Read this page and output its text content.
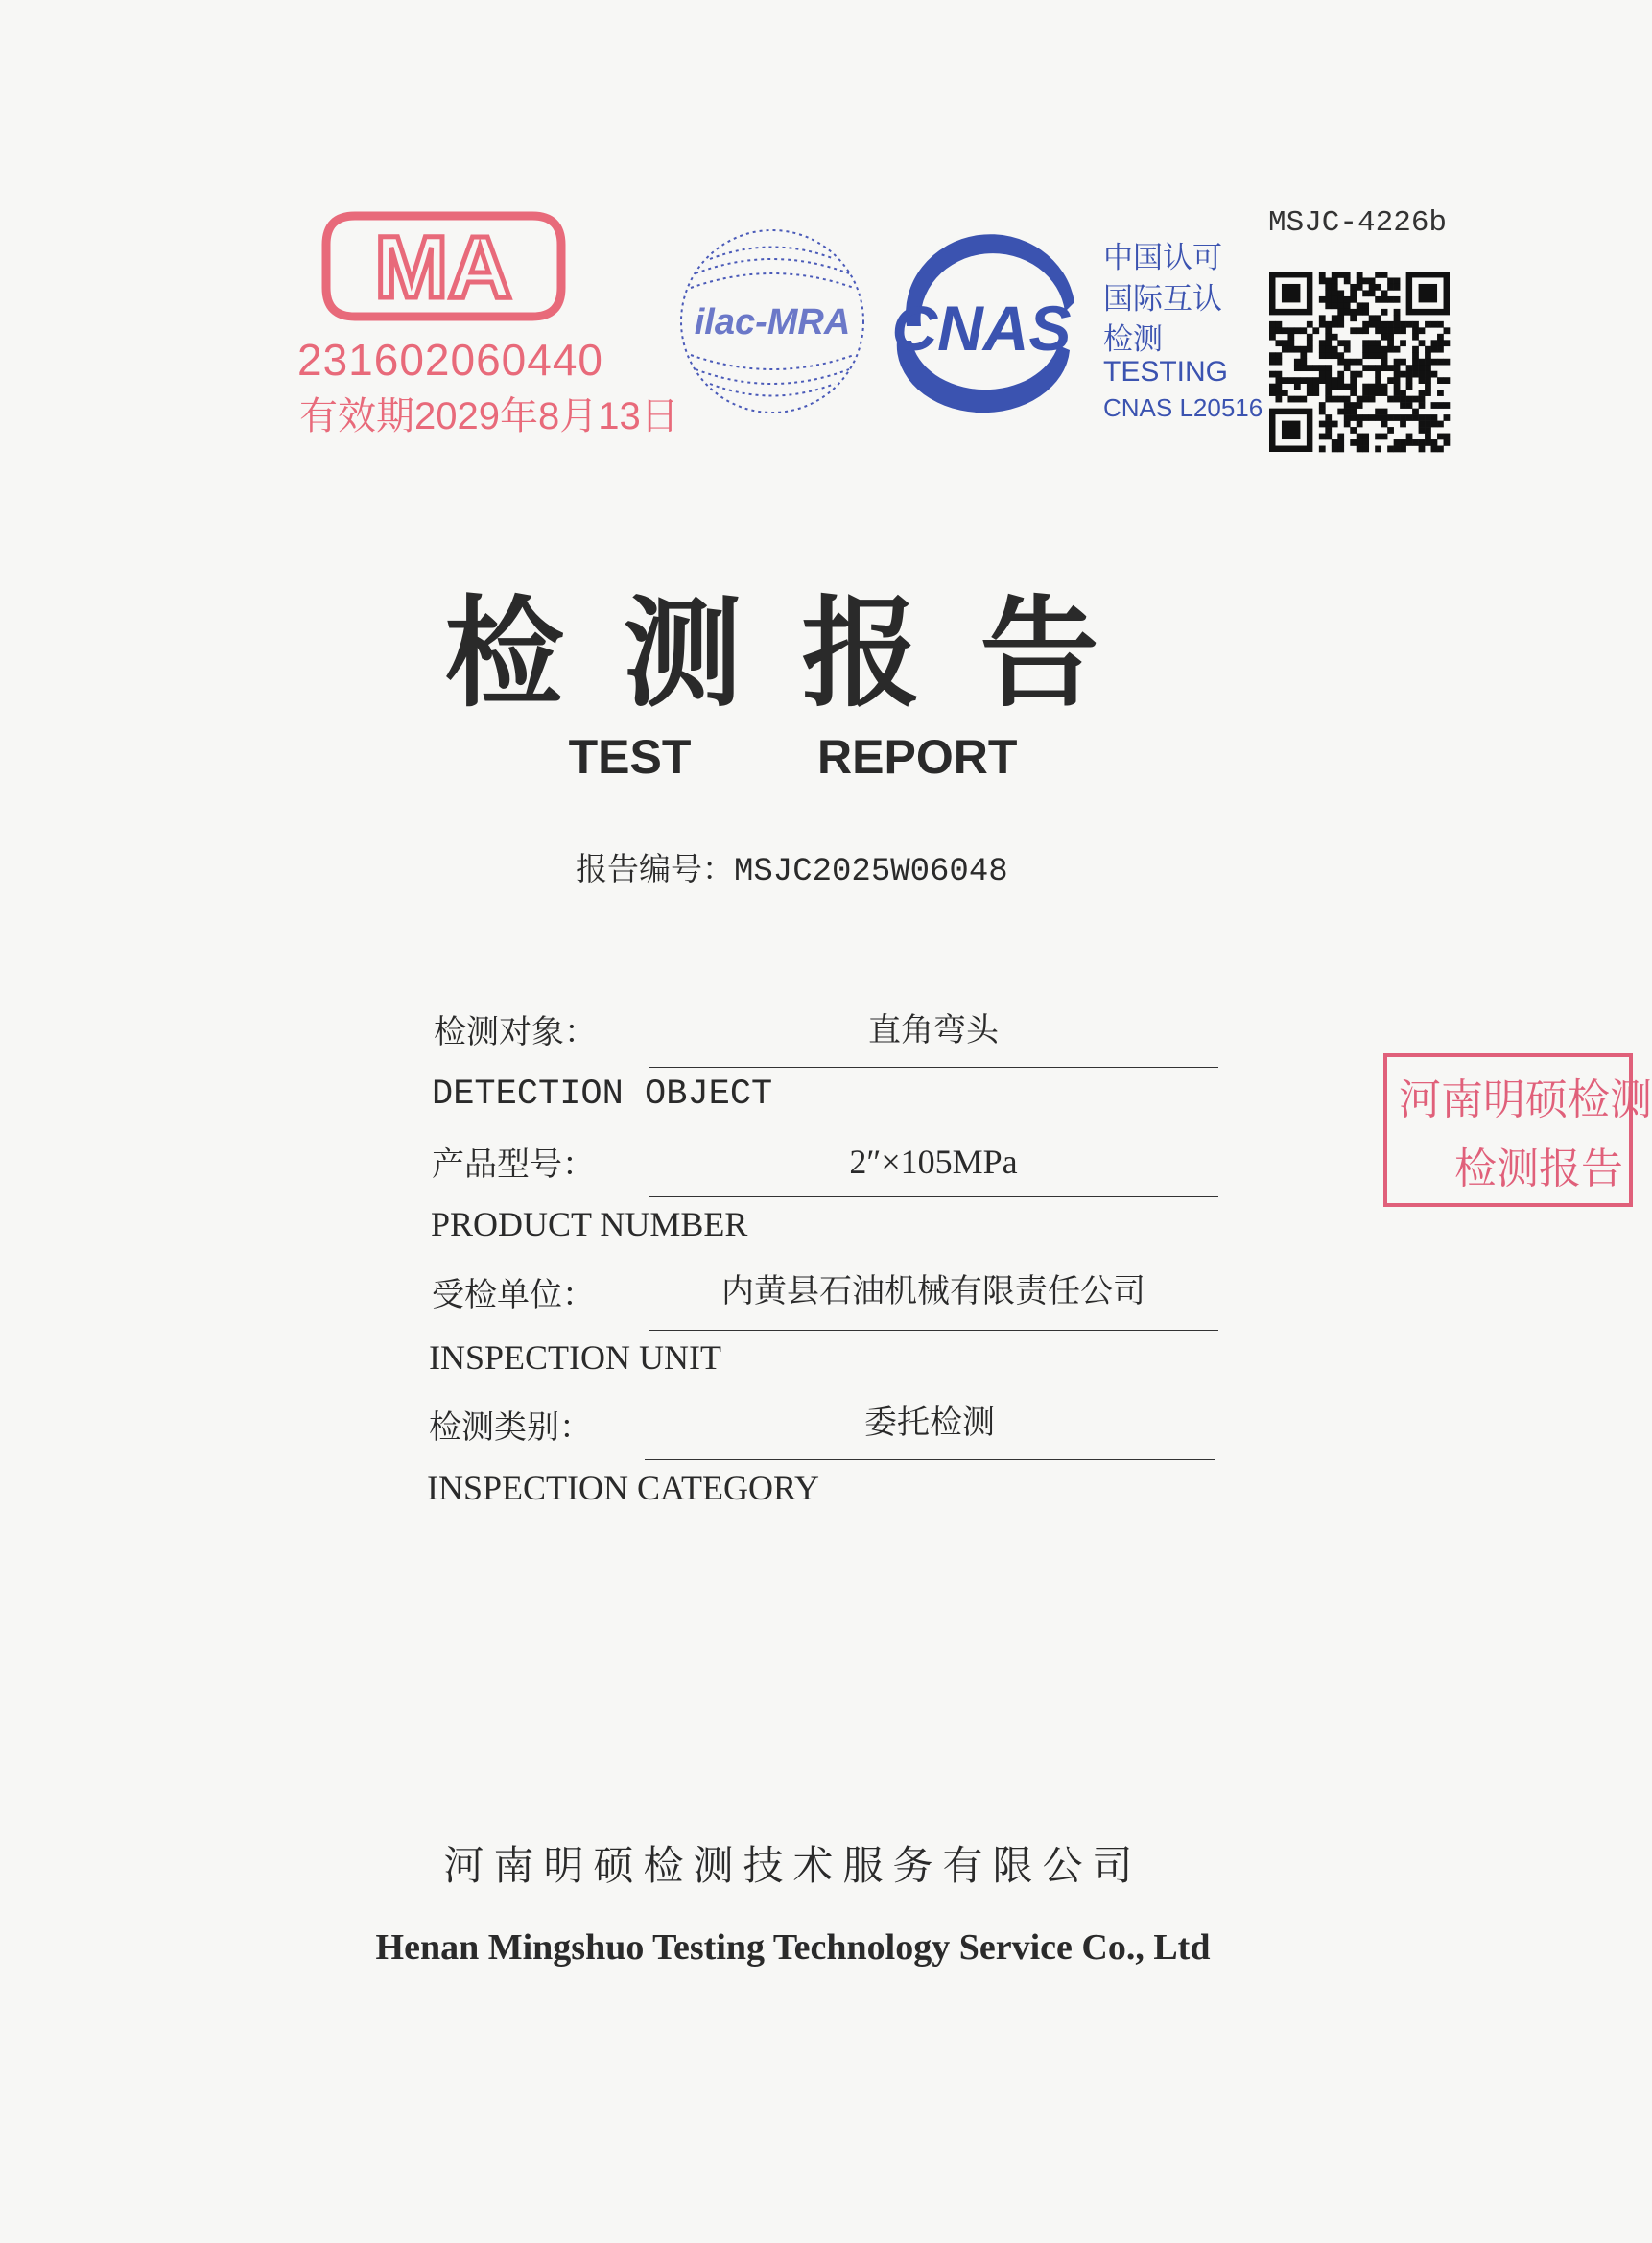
MA
231602060440
有效期2029年8月13日
ilac-MRA CNAS
中国认可
国际互认
检测
TESTING
CNAS L20516
MSJC-4226b
检测报告
TEST   REPORT
报告编号：MSJC2025W06048
检测对象：	直角弯头
DETECTION OBJECT
产品型号：	2″×105MPa
PRODUCT NUMBER
受检单位：	内黄县石油机械有限责任公司
INSPECTION UNIT
检测类别：	委托检测
INSPECTION CATEGORY
河南明硕检测
检测报告
河南明硕检测技术服务有限公司
Henan Mingshuo Testing Technology Service Co., Ltd
